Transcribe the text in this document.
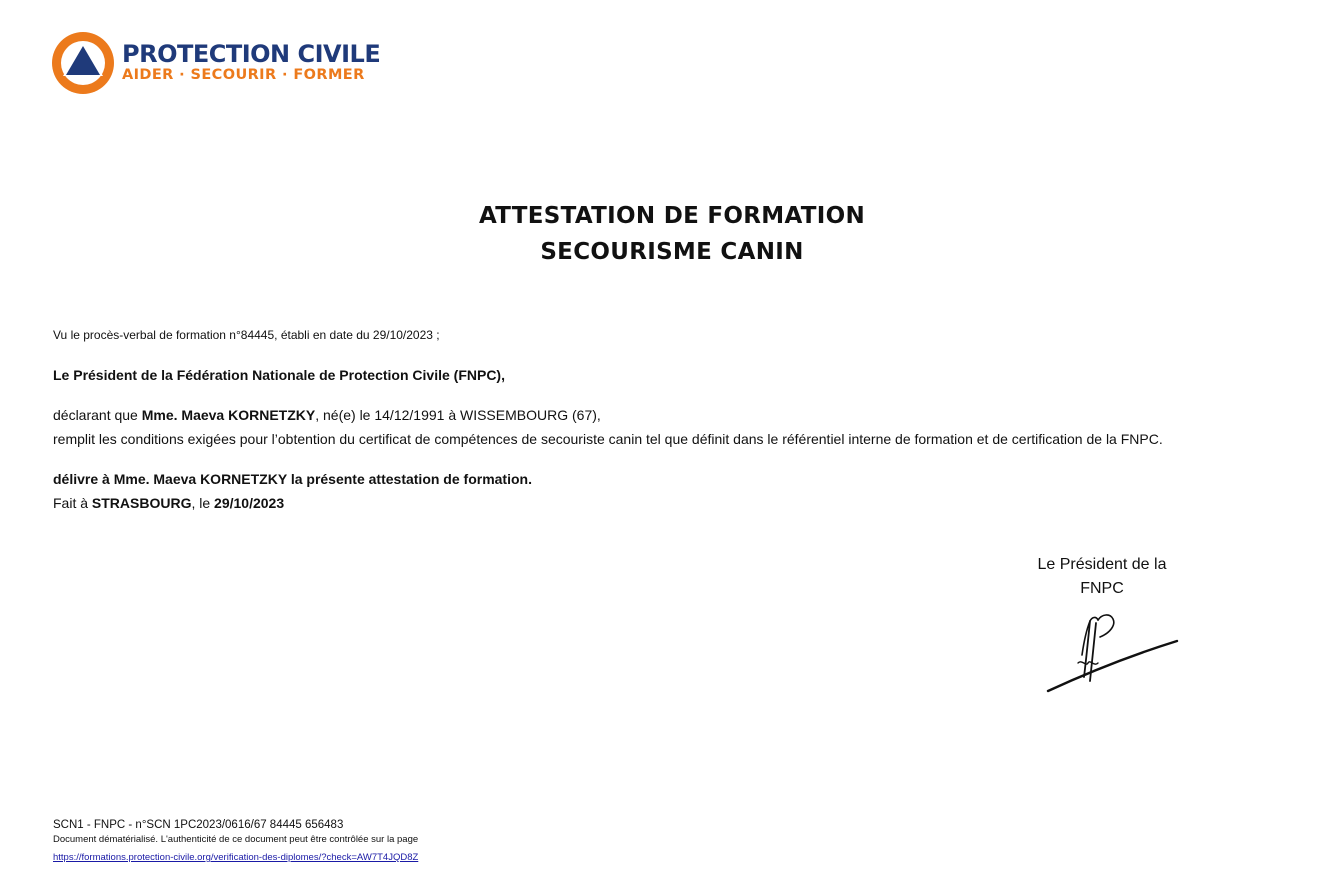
PROTECTION CIVILE
AIDER · SECOURIR · FORMER
ATTESTATION DE FORMATION
SECOURISME CANIN
Vu le procès-verbal de formation n°84445, établi en date du 29/10/2023 ;
Le Président de la Fédération Nationale de Protection Civile (FNPC),
déclarant que Mme. Maeva KORNETZKY, né(e) le 14/12/1991 à WISSEMBOURG (67),
remplit les conditions exigées pour l’obtention du certificat de compétences de secouriste canin tel que définit dans le référentiel interne de formation et de certification de la FNPC.
délivre à Mme. Maeva KORNETZKY la présente attestation de formation.
Fait à STRASBOURG, le 29/10/2023
Le Président de la
FNPC
SCN1 - FNPC - n°SCN 1PC2023/0616/67 84445 656483
Document dématérialisé. L'authenticité de ce document peut être contrôlée sur la page
https://formations.protection-civile.org/verification-des-diplomes/?check=AW7T4JQD8Z
